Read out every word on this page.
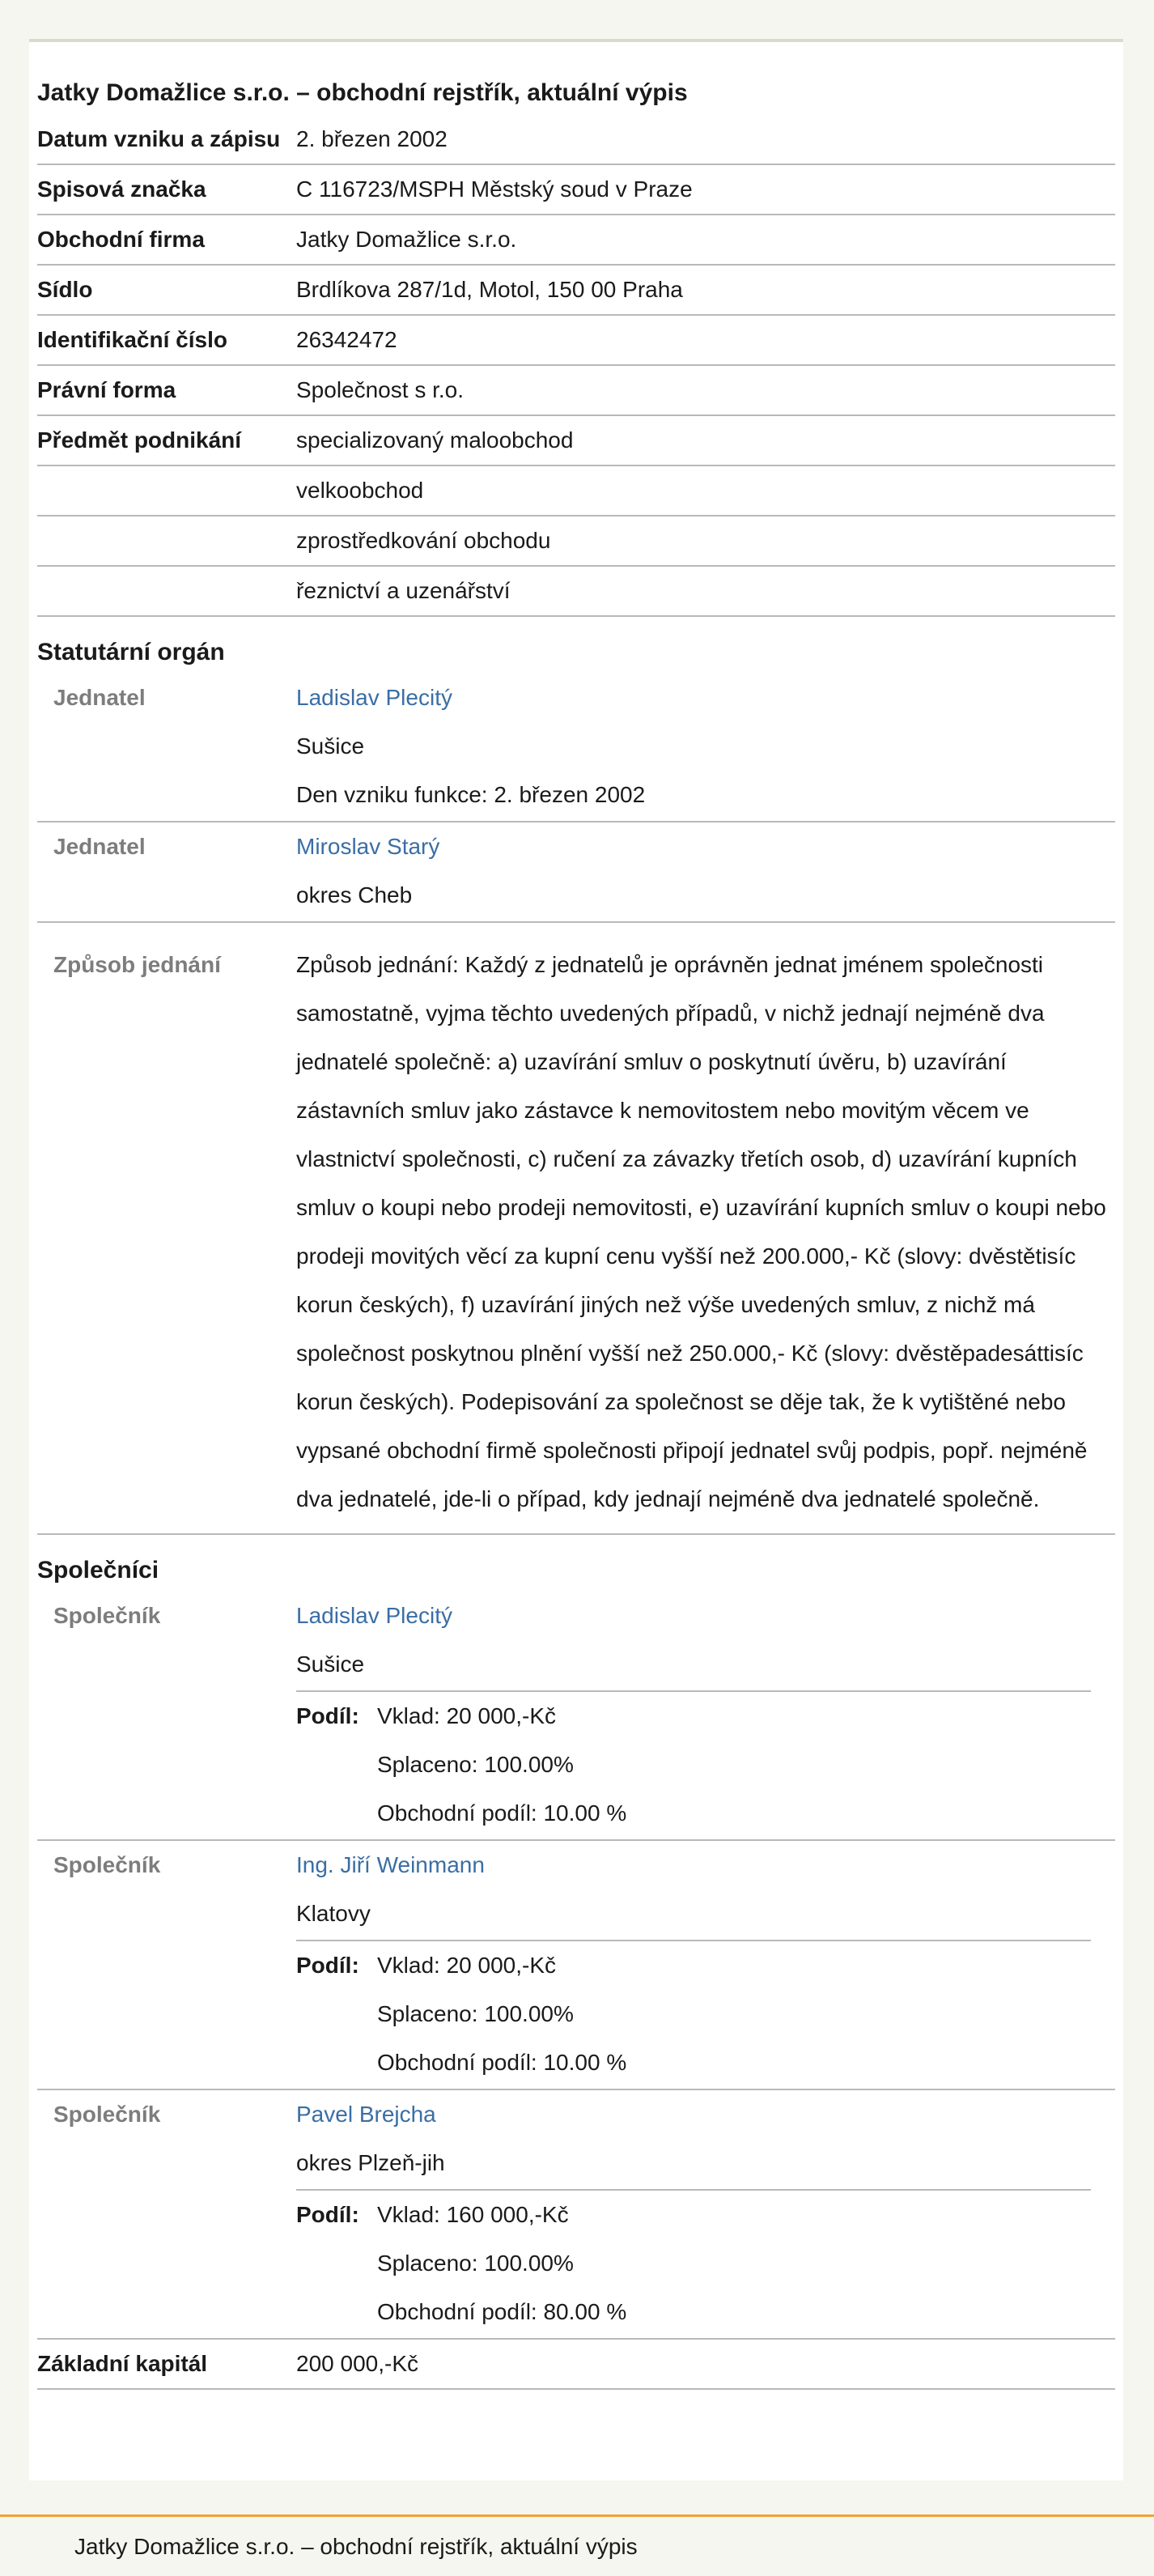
Jatky Domažlice s.r.o. – obchodní rejstřík, aktuální výpis
Datum vzniku a zápisu 2. březen 2002
Spisová značka	C 116723/MSPH Městský soud v Praze
Obchodní firma	Jatky Domažlice s.r.o.
Sídlo	Brdlíkova 287/1d, Motol, 150 00 Praha
Identifikační číslo	26342472
Právní forma	Společnost s r.o.
Předmět podnikání	specializovaný maloobchod
velkoobchod
zprostředkování obchodu
řeznictví a uzenářství
Statutární orgán
Jednatel	Ladislav Plecitý
Sušice
Den vzniku funkce: 2. březen 2002
Jednatel	Miroslav Starý
okres Cheb
Způsob jednání	Způsob jednání: Každý z jednatelů je oprávněn jednat jménem společnosti samostatně, vyjma těchto uvedených případů, v nichž jednají nejméně dva jednatelé společně: a) uzavírání smluv o poskytnutí úvěru, b) uzavírání zástavních smluv jako zástavce k nemovitostem nebo movitým věcem ve vlastnictví společnosti, c) ručení za závazky třetích osob, d) uzavírání kupních smluv o koupi nebo prodeji nemovitosti, e) uzavírání kupních smluv o koupi nebo prodeji movitých věcí za kupní cenu vyšší než 200.000,- Kč (slovy: dvěstětisíc korun českých), f) uzavírání jiných než výše uvedených smluv, z nichž má společnost poskytnou plnění vyšší než 250.000,- Kč (slovy: dvěstěpadesáttisíc korun českých). Podepisování za společnost se děje tak, že k vytištěné nebo vypsané obchodní firmě společnosti připojí jednatel svůj podpis, popř. nejméně dva jednatelé, jde-li o případ, kdy jednají nejméně dva jednatelé společně.
Společníci
Společník	Ladislav Plecitý
Sušice
Podíl: Vklad: 20 000,-Kč
Splaceno: 100.00%
Obchodní podíl: 10.00 %
Společník	Ing. Jiří Weinmann
Klatovy
Podíl: Vklad: 20 000,-Kč
Splaceno: 100.00%
Obchodní podíl: 10.00 %
Společník	Pavel Brejcha
okres Plzeň-jih
Podíl: Vklad: 160 000,-Kč
Splaceno: 100.00%
Obchodní podíl: 80.00 %
Základní kapitál	200 000,-Kč
Jatky Domažlice s.r.o. – obchodní rejstřík, aktuální výpis
